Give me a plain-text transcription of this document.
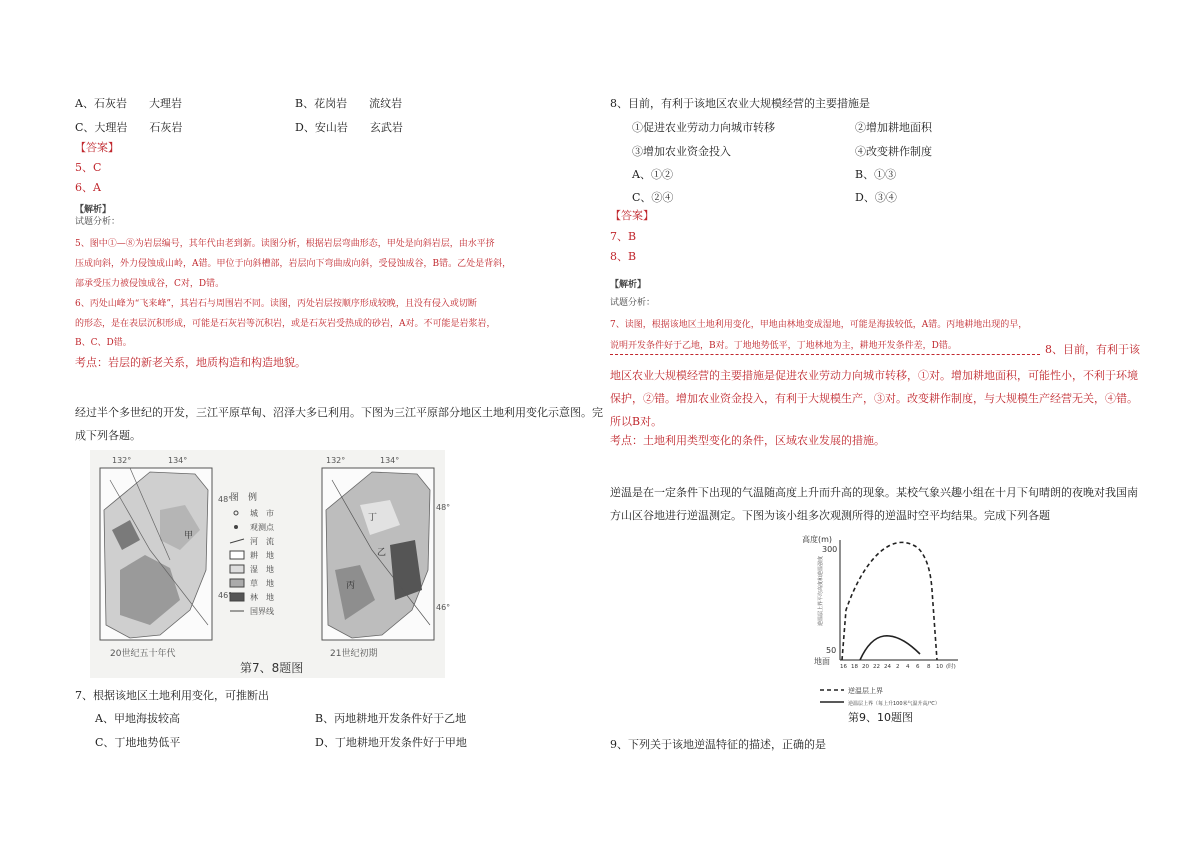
A、石灰岩　　大理岩	B、花岗岩　　流纹岩
C、大理岩　　石灰岩	D、安山岩　　玄武岩
【答案】
5、C
6、A
【解析】
试题分析：
5、图中①—⑧为岩层编号，其年代由老到新。读图分析，根据岩层弯曲形态，甲处是向斜岩层，由水平挤
压成向斜，外力侵蚀成山岭，A错。甲位于向斜槽部，岩层向下弯曲成向斜，受侵蚀成谷，B错。乙处是背斜，
部承受压力被侵蚀成谷，C对，D错。
6、丙处山峰为“飞来峰”，其岩石与周围岩不同。读图，丙处岩层按顺序形成较晚，且没有侵入或切断
的形态，是在表层沉积形成，可能是石灰岩等沉积岩，或是石灰岩受热成的砂岩，A对。不可能是岩浆岩，
B、C、D错。
考点：岩层的新老关系，地质构造和构造地貌。
经过半个多世纪的开发，三江平原草甸、沼泽大多已利用。下图为三江平原部分地区土地利用变化示意图。完
成下列各题。
132°	134°
甲
20世纪五十年代
图　例
城　市
观测点
河　流
耕　地
湿　地
草　地
林　地
国界线
48°
46°
132°	134°
丙
乙
丁
48°
46°
21世纪初期
第7、8题图
7、根据该地区土地利用变化，可推断出
A、甲地海拔较高	B、丙地耕地开发条件好于乙地
C、丁地地势低平	D、丁地耕地开发条件好于甲地
8、目前，有利于该地区农业大规模经营的主要措施是
①促进农业劳动力向城市转移	②增加耕地面积
③增加农业资金投入	④改变耕作制度
A、①②	B、①③
C、②④	D、③④
【答案】
7、B
8、B
【解析】
试题分析：
7、读图，根据该地区土地利用变化，甲地由林地变成湿地，可能是海拔较低，A错。丙地耕地出现的早，
说明开发条件好于乙地，B对。丁地地势低平，丁地林地为主，耕地开发条件差，D错。	8、目前，有利于该
地区农业大规模经营的主要措施是促进农业劳动力向城市转移，①对。增加耕地面积，可能性小，不利于环境
保护，②错。增加农业资金投入，有利于大规模生产，③对。改变耕作制度，与大规模生产经营无关，④错。
所以B对。
考点：土地利用类型变化的条件，区域农业发展的措施。
逆温是在一定条件下出现的气温随高度上升而升高的现象。某校气象兴趣小组在十月下旬晴朗的夜晚对我国南
方山区谷地进行逆温测定。下图为该小组多次观测所得的逆温时空平均结果。完成下列各题
高度(m)
逆温层上界平均高度和逆温强度
300
50
地面
16 18 20 22 24 2 4 6 8 10 (时)
逆温层上界
逆温层上界（每上升100米气温升高/℃）
第9、10题图
9、下列关于该地逆温特征的描述，正确的是
